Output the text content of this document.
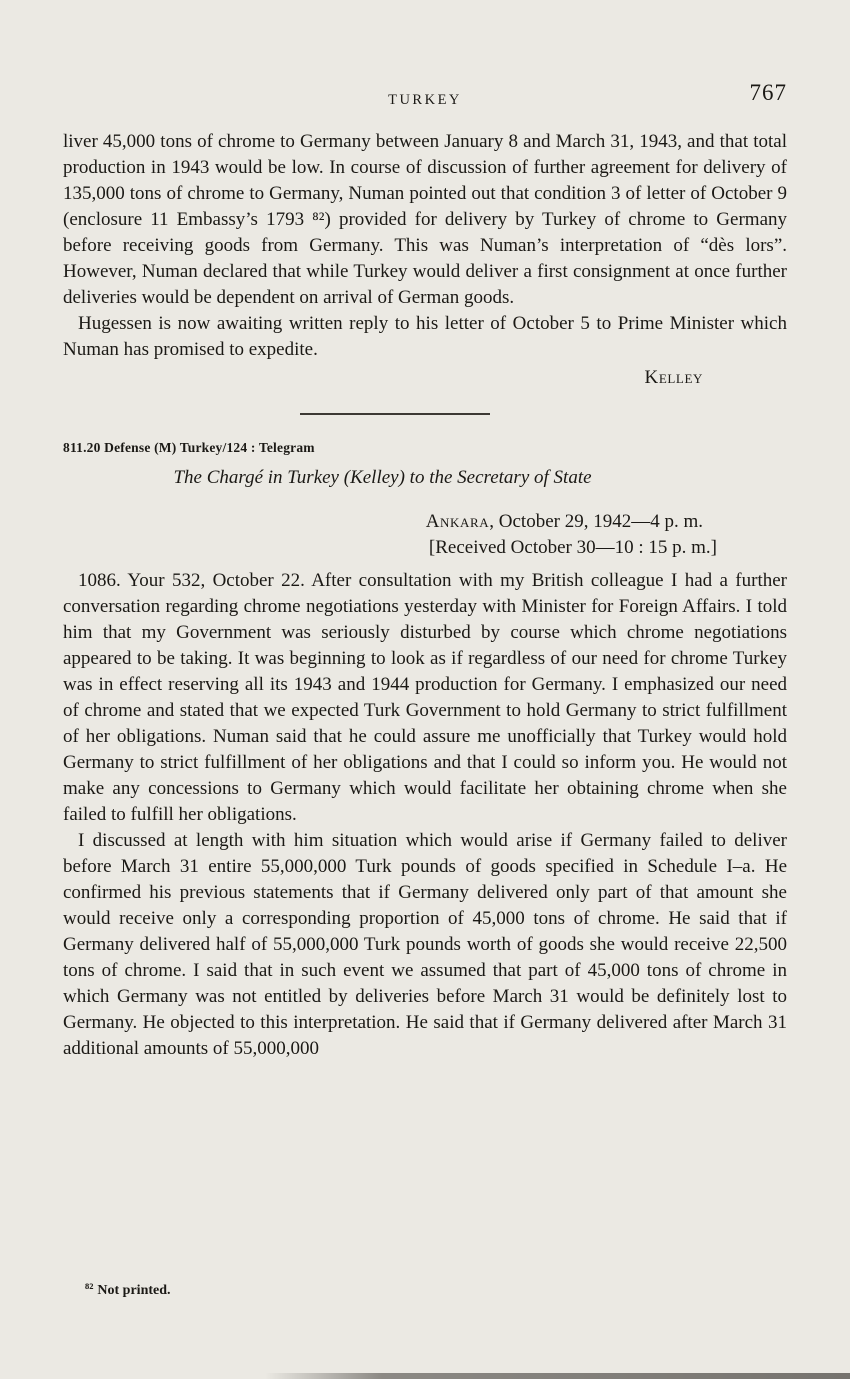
TURKEY	767

liver 45,000 tons of chrome to Germany between January 8 and March 31, 1943, and that total production in 1943 would be low. In course of discussion of further agreement for delivery of 135,000 tons of chrome to Germany, Numan pointed out that condition 3 of letter of October 9 (enclosure 11 Embassy’s 1793 ⁸²) provided for delivery by Turkey of chrome to Germany before receiving goods from Germany. This was Numan’s interpretation of “dès lors”. However, Numan declared that while Turkey would deliver a first consignment at once further deliveries would be dependent on arrival of German goods.

Hugessen is now awaiting written reply to his letter of October 5 to Prime Minister which Numan has promised to expedite.

Kelley
811.20 Defense (M) Turkey/124 : Telegram
The Chargé in Turkey (Kelley) to the Secretary of State
Ankara, October 29, 1942—4 p. m.
[Received October 30—10 : 15 p. m.]

1086. Your 532, October 22. After consultation with my British colleague I had a further conversation regarding chrome negotiations yesterday with Minister for Foreign Affairs. I told him that my Government was seriously disturbed by course which chrome negotiations appeared to be taking. It was beginning to look as if regardless of our need for chrome Turkey was in effect reserving all its 1943 and 1944 production for Germany. I emphasized our need of chrome and stated that we expected Turk Government to hold Germany to strict fulfillment of her obligations. Numan said that he could assure me unofficially that Turkey would hold Germany to strict fulfillment of her obligations and that I could so inform you. He would not make any concessions to Germany which would facilitate her obtaining chrome when she failed to fulfill her obligations.

I discussed at length with him situation which would arise if Germany failed to deliver before March 31 entire 55,000,000 Turk pounds of goods specified in Schedule I–a. He confirmed his previous statements that if Germany delivered only part of that amount she would receive only a corresponding proportion of 45,000 tons of chrome. He said that if Germany delivered half of 55,000,000 Turk pounds worth of goods she would receive 22,500 tons of chrome. I said that in such event we assumed that part of 45,000 tons of chrome in which Germany was not entitled by deliveries before March 31 would be definitely lost to Germany. He objected to this interpretation. He said that if Germany delivered after March 31 additional amounts of 55,000,000

⁸² Not printed.
